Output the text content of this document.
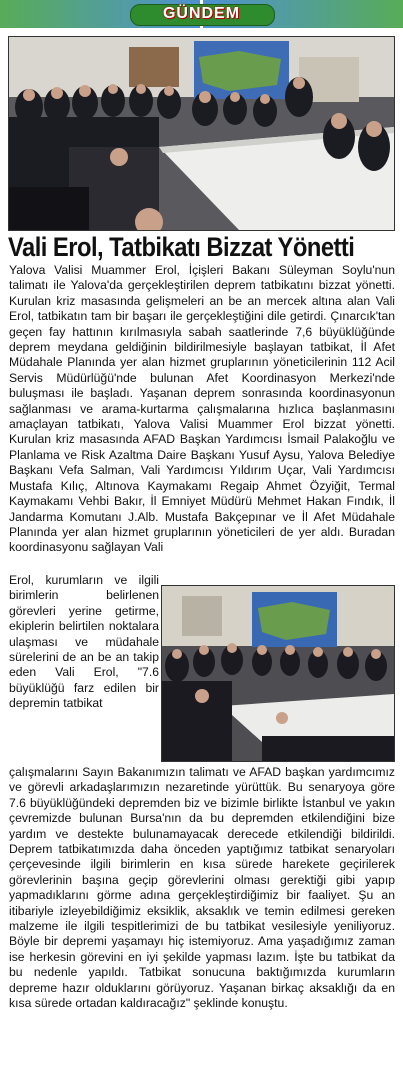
GÜNDEM
Vali Erol, Tatbikatı Bizzat Yönetti

Yalova Valisi Muammer Erol, İçişleri Bakanı Süleyman Soylu'nun talimatı ile Yalova'da gerçekleştirilen deprem tatbikatını bizzat yönetti. Kurulan kriz masasında gelişmeleri an be an mercek altına alan Vali Erol, tatbikatın tam bir başarı ile gerçekleştiğini dile getirdi. Çınarcık'tan geçen fay hattının kırılmasıyla sabah saatlerinde 7,6 büyüklüğünde deprem meydana geldiğinin bildirilmesiyle başlayan tatbikat, İl Afet Müdahale Planında yer alan hizmet gruplarının yöneticilerinin 112 Acil Servis Müdürlüğü'nde bulunan Afet Koordinasyon Merkezi'nde buluşması ile başladı. Yaşanan deprem sonrasında koordinasyonun sağlanması ve arama-kurtarma çalışmalarına hızlıca başlanmasını amaçlayan tatbikatı, Yalova Valisi Muammer Erol bizzat yönetti. Kurulan kriz masasında AFAD Başkan Yardımcısı İsmail Palakoğlu ve Planlama ve Risk Azaltma Daire Başkanı Yusuf Aysu, Yalova Belediye Başkanı Vefa Salman, Vali Yardımcısı Yıldırım Uçar, Vali Yardımcısı Mustafa Kılıç, Altınova Kaymakamı Regaip Ahmet Özyiğit, Termal Kaymakamı Vehbi Bakır, İl Emniyet Müdürü Mehmet Hakan Fındık, İl Jandarma Komutanı J.Alb. Mustafa Bakçepınar ve İl Afet Müdahale Planında yer alan hizmet gruplarının yöneticileri de yer aldı. Buradan koordinasyonu sağlayan Vali

Erol, kurumların ve ilgili birimlerin belirlenen görevleri yerine getirme, ekiplerin belirtilen noktalara ulaşması ve müdahale sürelerini de an be an takip eden Vali Erol, "7.6 büyüklüğü farz edilen bir depremin tatbikat

çalışmalarını Sayın Bakanımızın talimatı ve AFAD başkan yardımcımız ve görevli arkadaşlarımızın nezaretinde yürüttük. Bu senaryoya göre 7.6 büyüklüğündeki depremden biz ve bizimle birlikte İstanbul ve yakın çevremizde bulunan Bursa'nın da bu depremden etkilendiğini bize yardım ve destekte bulunamayacak derecede etkilendiği bildirildi. Deprem tatbikatımızda daha önceden yaptığımız tatbikat senaryoları çerçevesinde ilgili birimlerin en kısa sürede harekete geçirilerek görevlerinin başına geçip görevlerini olması gerektiği gibi yapıp yapmadıklarını görme adına gerçekleştirdiğimiz bir faaliyet. Şu an itibariyle izleyebildiğimiz eksiklik, aksaklık ve temin edilmesi gereken malzeme ile ilgili tespitlerimizi de bu tatbikat vesilesiyle yeniliyoruz. Böyle bir depremi yaşamayı hiç istemiyoruz. Ama yaşadığımız zaman ise herkesin görevini en iyi şekilde yapması lazım. İşte bu tatbikat da bu nedenle yapıldı. Tatbikat sonucuna baktığımızda kurumların depreme hazır olduklarını görüyoruz. Yaşanan birkaç aksaklığı da en kısa sürede ortadan kaldıracağız" şeklinde konuştu.
